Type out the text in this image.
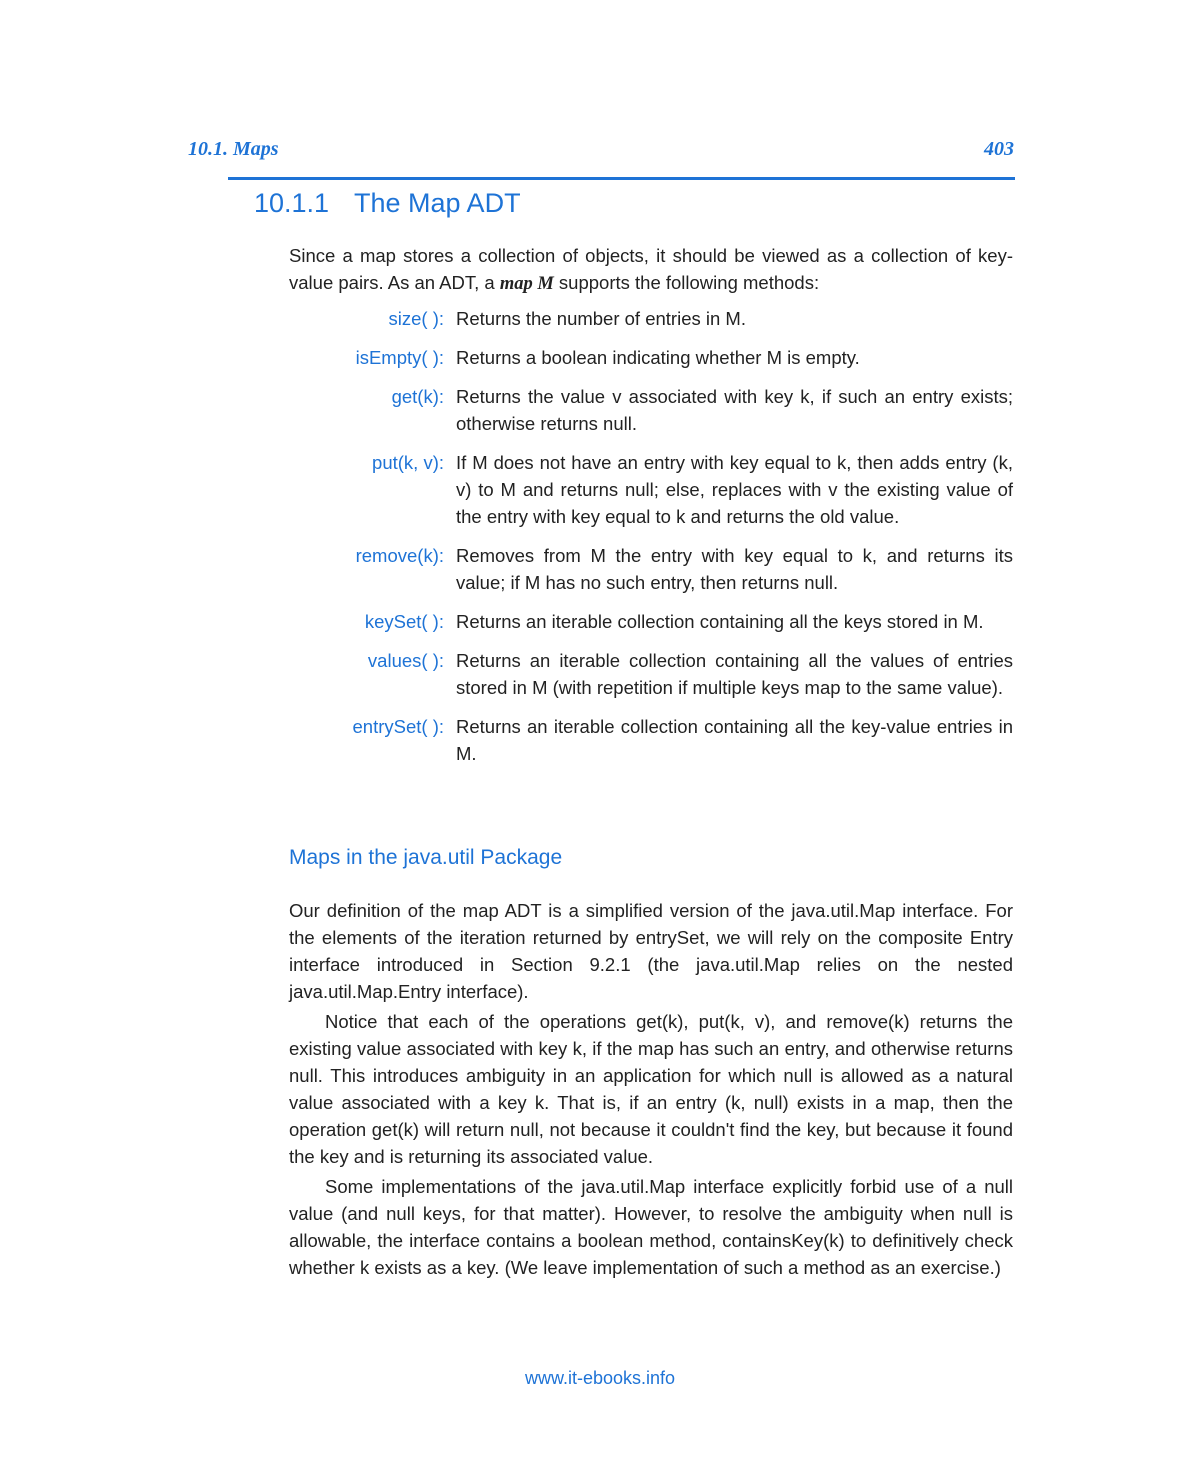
10.1. Maps	403
10.1.1 The Map ADT

Since a map stores a collection of objects, it should be viewed as a collection of key-value pairs. As an ADT, a map M supports the following methods:

size( ): Returns the number of entries in M.
isEmpty( ): Returns a boolean indicating whether M is empty.
get(k): Returns the value v associated with key k, if such an entry exists; otherwise returns null.
put(k, v): If M does not have an entry with key equal to k, then adds entry (k, v) to M and returns null; else, replaces with v the existing value of the entry with key equal to k and returns the old value.
remove(k): Removes from M the entry with key equal to k, and returns its value; if M has no such entry, then returns null.
keySet( ): Returns an iterable collection containing all the keys stored in M.
values( ): Returns an iterable collection containing all the values of entries stored in M (with repetition if multiple keys map to the same value).
entrySet( ): Returns an iterable collection containing all the key-value entries in M.
Maps in the java.util Package

Our definition of the map ADT is a simplified version of the java.util.Map interface. For the elements of the iteration returned by entrySet, we will rely on the composite Entry interface introduced in Section 9.2.1 (the java.util.Map relies on the nested java.util.Map.Entry interface).

Notice that each of the operations get(k), put(k, v), and remove(k) returns the existing value associated with key k, if the map has such an entry, and otherwise returns null. This introduces ambiguity in an application for which null is allowed as a natural value associated with a key k. That is, if an entry (k, null) exists in a map, then the operation get(k) will return null, not because it couldn't find the key, but because it found the key and is returning its associated value.

Some implementations of the java.util.Map interface explicitly forbid use of a null value (and null keys, for that matter). However, to resolve the ambiguity when null is allowable, the interface contains a boolean method, containsKey(k) to definitively check whether k exists as a key. (We leave implementation of such a method as an exercise.)

www.it-ebooks.info
